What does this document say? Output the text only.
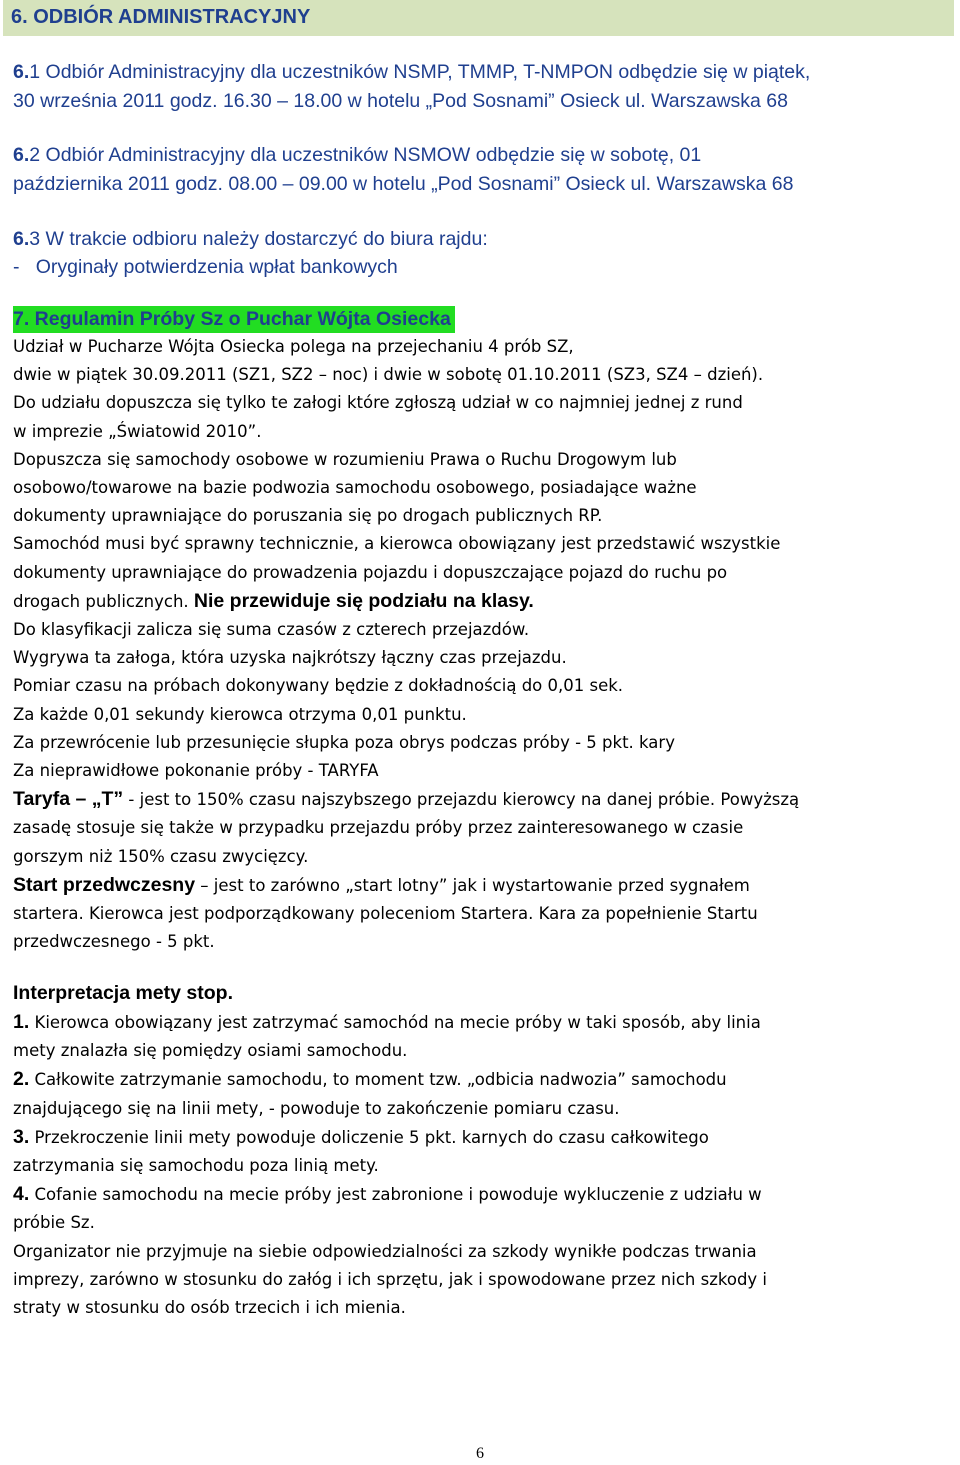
6. ODBIÓR ADMINISTRACYJNY

6.1 Odbiór Administracyjny dla uczestników NSMP, TMMP, T-NMPON odbędzie się w piątek,

30 września 2011 godz. 16.30 – 18.00 w hotelu „Pod Sosnami” Osieck ul. Warszawska 68

6.2 Odbiór Administracyjny dla uczestników NSMOW odbędzie się w sobotę, 01

października 2011 godz. 08.00 – 09.00 w hotelu „Pod Sosnami” Osieck ul. Warszawska 68

6.3 W trakcie odbioru należy dostarczyć do biura rajdu:

-   Oryginały potwierdzenia wpłat bankowych

7. Regulamin Próby Sz o Puchar Wójta Osiecka

Udział w Pucharze Wójta Osiecka polega na przejechaniu 4 prób SZ,

dwie w piątek 30.09.2011 (SZ1, SZ2 – noc) i dwie w sobotę 01.10.2011 (SZ3, SZ4 – dzień).

Do udziału dopuszcza się tylko te załogi które zgłoszą udział w co najmniej jednej z rund

w imprezie „Światowid 2010”.

Dopuszcza się samochody osobowe w rozumieniu Prawa o Ruchu Drogowym lub

osobowo/towarowe na bazie podwozia samochodu osobowego, posiadające ważne

dokumenty uprawniające do poruszania się po drogach publicznych RP.

Samochód musi być sprawny technicznie, a kierowca obowiązany jest przedstawić wszystkie

dokumenty uprawniające do prowadzenia pojazdu i dopuszczające pojazd do ruchu po

drogach publicznych. Nie przewiduje się podziału na klasy.

Do klasyfikacji zalicza się suma czasów z czterech przejazdów.

Wygrywa ta załoga, która uzyska najkrótszy łączny czas przejazdu.

Pomiar czasu na próbach dokonywany będzie z dokładnością do 0,01 sek.

Za każde 0,01 sekundy kierowca otrzyma 0,01 punktu.

Za przewrócenie lub przesunięcie słupka poza obrys podczas próby - 5 pkt. kary

Za nieprawidłowe pokonanie próby - TARYFA

Taryfa – „T” - jest to 150% czasu najszybszego przejazdu kierowcy na danej próbie. Powyższą

zasadę stosuje się także w przypadku przejazdu próby przez zainteresowanego w czasie

gorszym niż 150% czasu zwycięzcy.

Start przedwczesny – jest to zarówno „start lotny” jak i wystartowanie przed sygnałem

startera. Kierowca jest podporządkowany poleceniom Startera. Kara za popełnienie Startu

przedwczesnego - 5 pkt.

Interpretacja mety stop.

1. Kierowca obowiązany jest zatrzymać samochód na mecie próby w taki sposób, aby linia

mety znalazła się pomiędzy osiami samochodu.

2. Całkowite zatrzymanie samochodu, to moment tzw. „odbicia nadwozia” samochodu

znajdującego się na linii mety, - powoduje to zakończenie pomiaru czasu.

3. Przekroczenie linii mety powoduje doliczenie 5 pkt. karnych do czasu całkowitego

zatrzymania się samochodu poza linią mety.

4. Cofanie samochodu na mecie próby jest zabronione i powoduje wykluczenie z udziału w

próbie Sz.

Organizator nie przyjmuje na siebie odpowiedzialności za szkody wynikłe podczas trwania

imprezy, zarówno w stosunku do załóg i ich sprzętu, jak i spowodowane przez nich szkody i

straty w stosunku do osób trzecich i ich mienia.

6
